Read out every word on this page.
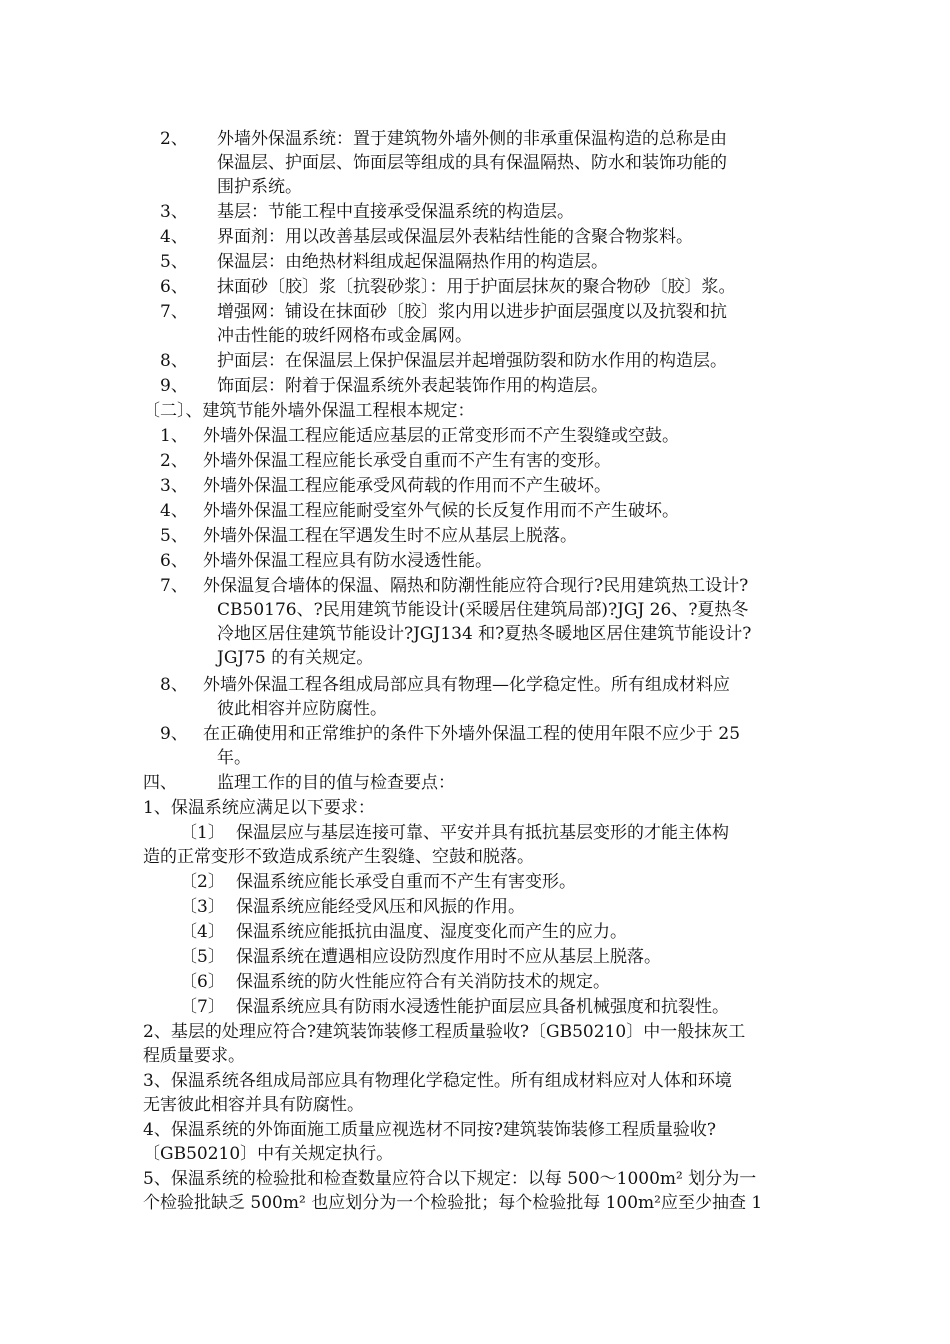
2、 外墙外保温系统：置于建筑物外墙外侧的非承重保温构造的总称是由
保温层、护面层、饰面层等组成的具有保温隔热、防水和装饰功能的
围护系统。
3、 基层：节能工程中直接承受保温系统的构造层。
4、 界面剂：用以改善基层或保温层外表粘结性能的含聚合物浆料。
5、 保温层：由绝热材料组成起保温隔热作用的构造层。
6、 抹面砂〔胶〕浆〔抗裂砂浆〕：用于护面层抹灰的聚合物砂〔胶〕浆。
7、 增强网：铺设在抹面砂〔胶〕浆内用以进步护面层强度以及抗裂和抗
冲击性能的玻纤网格布或金属网。
8、 护面层：在保温层上保护保温层并起增强防裂和防水作用的构造层。
9、 饰面层：附着于保温系统外表起装饰作用的构造层。
〔二〕、建筑节能外墙外保温工程根本规定：
1、 外墙外保温工程应能适应基层的正常变形而不产生裂缝或空鼓。
2、 外墙外保温工程应能长承受自重而不产生有害的变形。
3、 外墙外保温工程应能承受风荷载的作用而不产生破坏。
4、 外墙外保温工程应能耐受室外气候的长反复作用而不产生破坏。
5、 外墙外保温工程在罕遇发生时不应从基层上脱落。
6、 外墙外保温工程应具有防水浸透性能。
7、 外保温复合墙体的保温、隔热和防潮性能应符合现行?民用建筑热工设计?
CB50176、?民用建筑节能设计(采暖居住建筑局部)?JGJ 26、?夏热冬
冷地区居住建筑节能设计?JGJ134 和?夏热冬暖地区居住建筑节能设计?
JGJ75 的有关规定。
8、 外墙外保温工程各组成局部应具有物理—化学稳定性。所有组成材料应
彼此相容并应防腐性。
9、 在正确使用和正常维护的条件下外墙外保温工程的使用年限不应少于 25
年。
四、 监理工作的目的值与检查要点：
1、保温系统应满足以下要求：
〔1〕 保温层应与基层连接可靠、平安并具有抵抗基层变形的才能主体构
造的正常变形不致造成系统产生裂缝、空鼓和脱落。
〔2〕 保温系统应能长承受自重而不产生有害变形。
〔3〕 保温系统应能经受风压和风振的作用。
〔4〕 保温系统应能抵抗由温度、湿度变化而产生的应力。
〔5〕 保温系统在遭遇相应设防烈度作用时不应从基层上脱落。
〔6〕 保温系统的防火性能应符合有关消防技术的规定。
〔7〕 保温系统应具有防雨水浸透性能护面层应具备机械强度和抗裂性。
2、基层的处理应符合?建筑装饰装修工程质量验收?〔GB50210〕中一般抹灰工
程质量要求。
3、保温系统各组成局部应具有物理化学稳定性。所有组成材料应对人体和环境
无害彼此相容并具有防腐性。
4、保温系统的外饰面施工质量应视选材不同按?建筑装饰装修工程质量验收?
〔GB50210〕中有关规定执行。
5、保温系统的检验批和检查数量应符合以下规定：以每 500～1000m² 划分为一
个检验批缺乏 500m² 也应划分为一个检验批；每个检验批每 100m²应至少抽查 1
